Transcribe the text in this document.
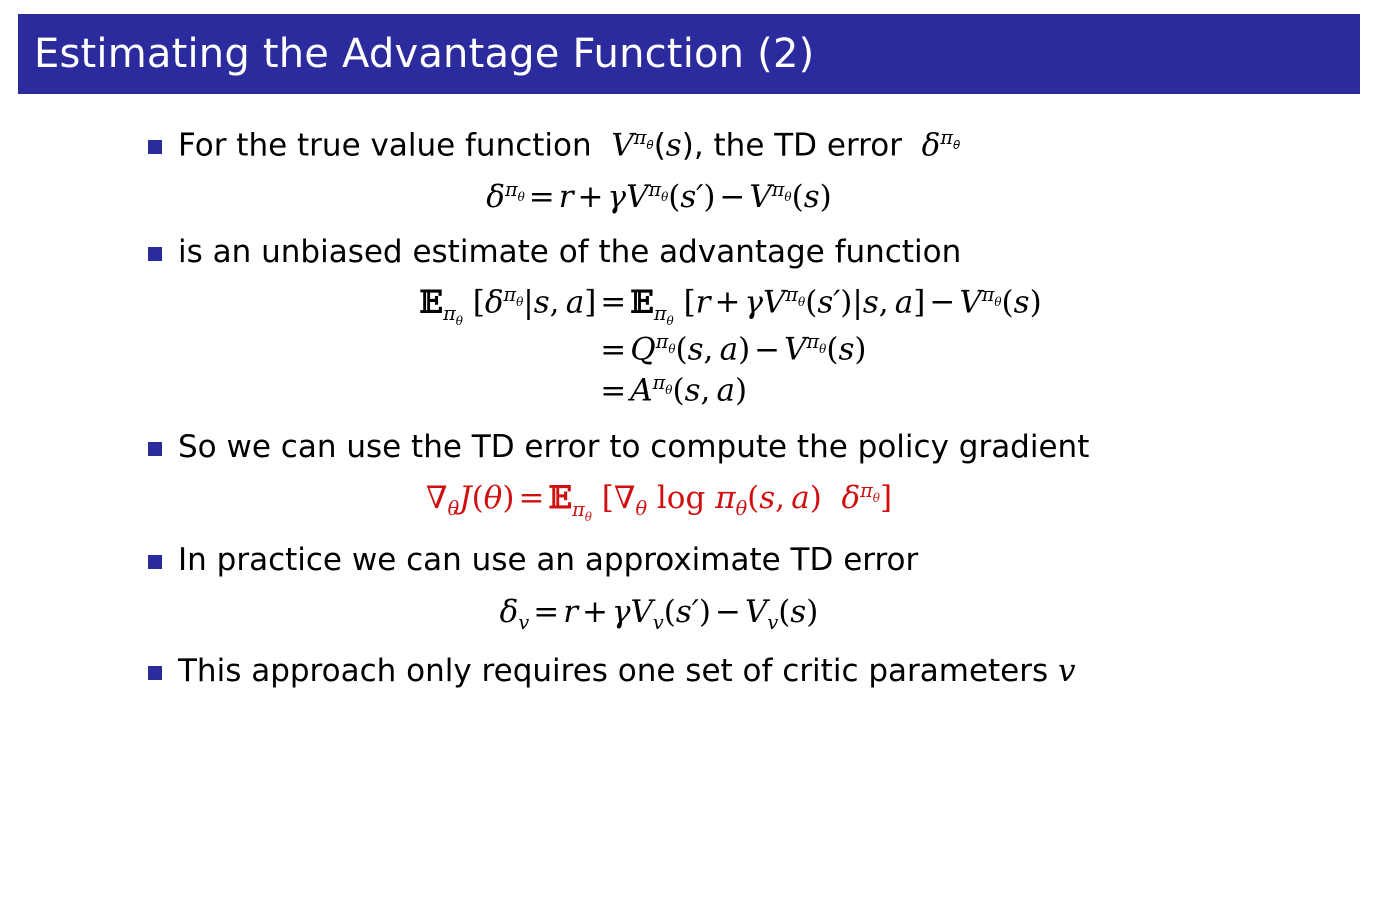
Estimating the Advantage Function (2)
For the true value function  $V^{\pi_\theta}(s)$, the TD error  $\delta^{\pi_\theta}$
$\delta^{\pi_\theta} = r + \gamma V^{\pi_\theta}(s') - V^{\pi_\theta}(s)$
is an unbiased estimate of the advantage function
𝔼$_{\pi_\theta}$ [$\delta^{\pi_\theta}|s$, a] = 𝔼$_{\pi_\theta}$ [$r + \gamma V^{\pi_\theta}(s')|s$, $a] - V^{\pi_\theta}(s)$
= $Q^{\pi_\theta}(s$, $a) - V^{\pi_\theta}(s)$
= $A^{\pi_\theta}(s$, a)
So we can use the TD error to compute the policy gradient
$\nabla_\theta J(\theta)$ = 𝔼$_{\pi_\theta}$ [$\nabla_\theta$ $\log \pi_\theta(s$, a)  $\delta^{\pi_\theta}$]
In practice we can use an approximate TD error
$\delta_v = r + \gamma V_v(s') - V_v(s)$
This approach only requires one set of critic parameters v
